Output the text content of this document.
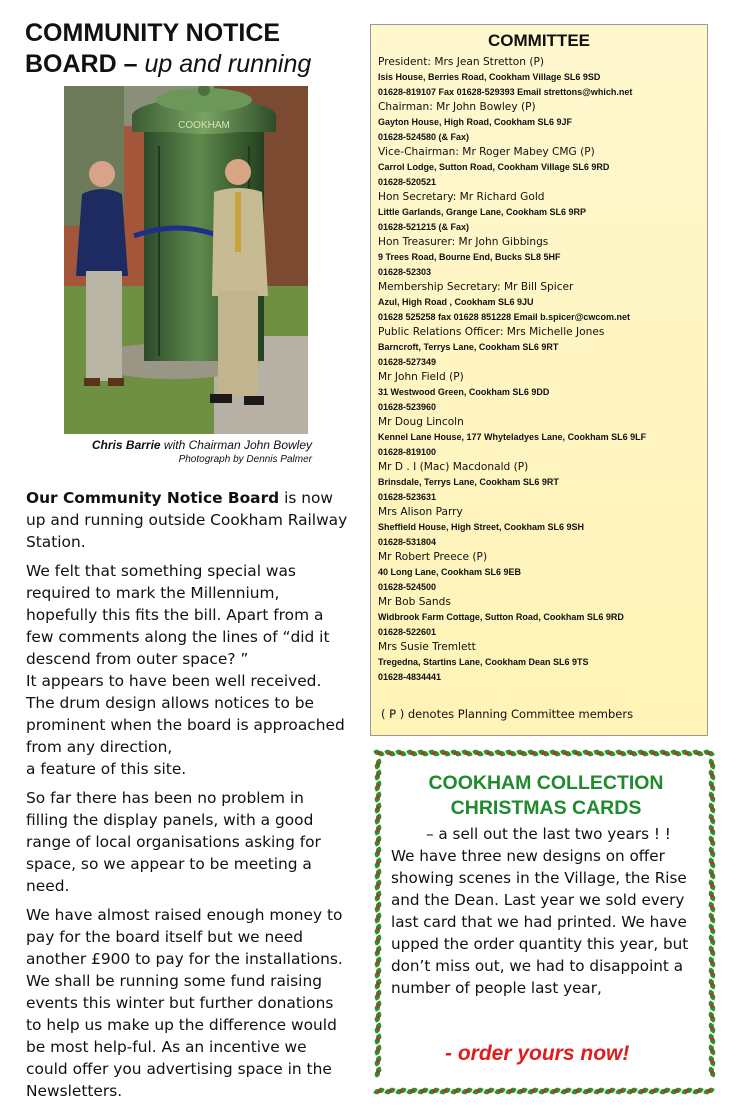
COMMUNITY NOTICE BOARD – up and running
COOKHAM
Chris Barrie with Chairman John Bowley
Photograph by Dennis Palmer

Our Community Notice Board is now up and running outside Cookham Railway Station.

We felt that something special was required to mark the Millennium, hopefully this fits the bill. Apart from a few comments along the lines of “did it descend from outer space? ”
It appears to have been well received. The drum design allows notices to be prominent when the board is approached from any direction,
a feature of this site.

So far there has been no problem in filling the display panels, with a good range of local organisations asking for space, so we appear to be meeting a need.

We have almost raised enough money to pay for the board itself but we need another £900 to pay for the installations. We shall be running some fund raising events this winter but further donations to help us make up the difference would be most help-ful. As an incentive we could offer you advertising space in the Newsletters.

COMMITTEE
President: Mrs Jean Stretton (P)
Isis House, Berries Road, Cookham Village SL6 9SD
01628-819107 Fax 01628-529393 Email strettons@which.net
Chairman: Mr John Bowley (P)
Gayton House, High Road, Cookham SL6 9JF
01628-524580 (& Fax)
Vice-Chairman: Mr Roger Mabey CMG (P)
Carrol Lodge, Sutton Road, Cookham Village SL6 9RD
01628-520521
Hon Secretary: Mr Richard Gold
Little Garlands, Grange Lane, Cookham SL6 9RP
01628-521215 (& Fax)
Hon Treasurer: Mr John Gibbings
9 Trees Road, Bourne End, Bucks SL8 5HF
01628-52303
Membership Secretary: Mr Bill Spicer
Azul, High Road , Cookham SL6 9JU
01628 525258 fax 01628 851228 Email b.spicer@cwcom.net
Public Relations Officer: Mrs Michelle Jones
Barncroft, Terrys Lane, Cookham SL6 9RT
01628-527349
Mr John Field (P)
31 Westwood Green, Cookham SL6 9DD
01628-523960
Mr Doug Lincoln
Kennel Lane House, 177 Whyteladyes Lane, Cookham SL6 9LF
01628-819100
Mr D . I (Mac) Macdonald (P)
Brinsdale, Terrys Lane, Cookham SL6 9RT
01628-523631
Mrs Alison Parry
Sheffield House, High Street, Cookham SL6 9SH
01628-531804
Mr Robert Preece (P)
40 Long Lane, Cookham SL6 9EB
01628-524500
Mr Bob Sands
Widbrook Farm Cottage, Sutton Road, Cookham SL6 9RD
01628-522601
Mrs Susie Tremlett
Tregedna, Startins Lane, Cookham Dean SL6 9TS
01628-4834441
( P ) denotes Planning Committee members
COOKHAM COLLECTION
CHRISTMAS CARDS
– a sell out the last two years ! !
We have three new designs on offer showing scenes in the Village, the Rise and the Dean. Last year we sold every last card that we had printed. We have upped the order quantity this year, but don’t miss out, we had to disappoint a number of people last year,
- order yours now!
